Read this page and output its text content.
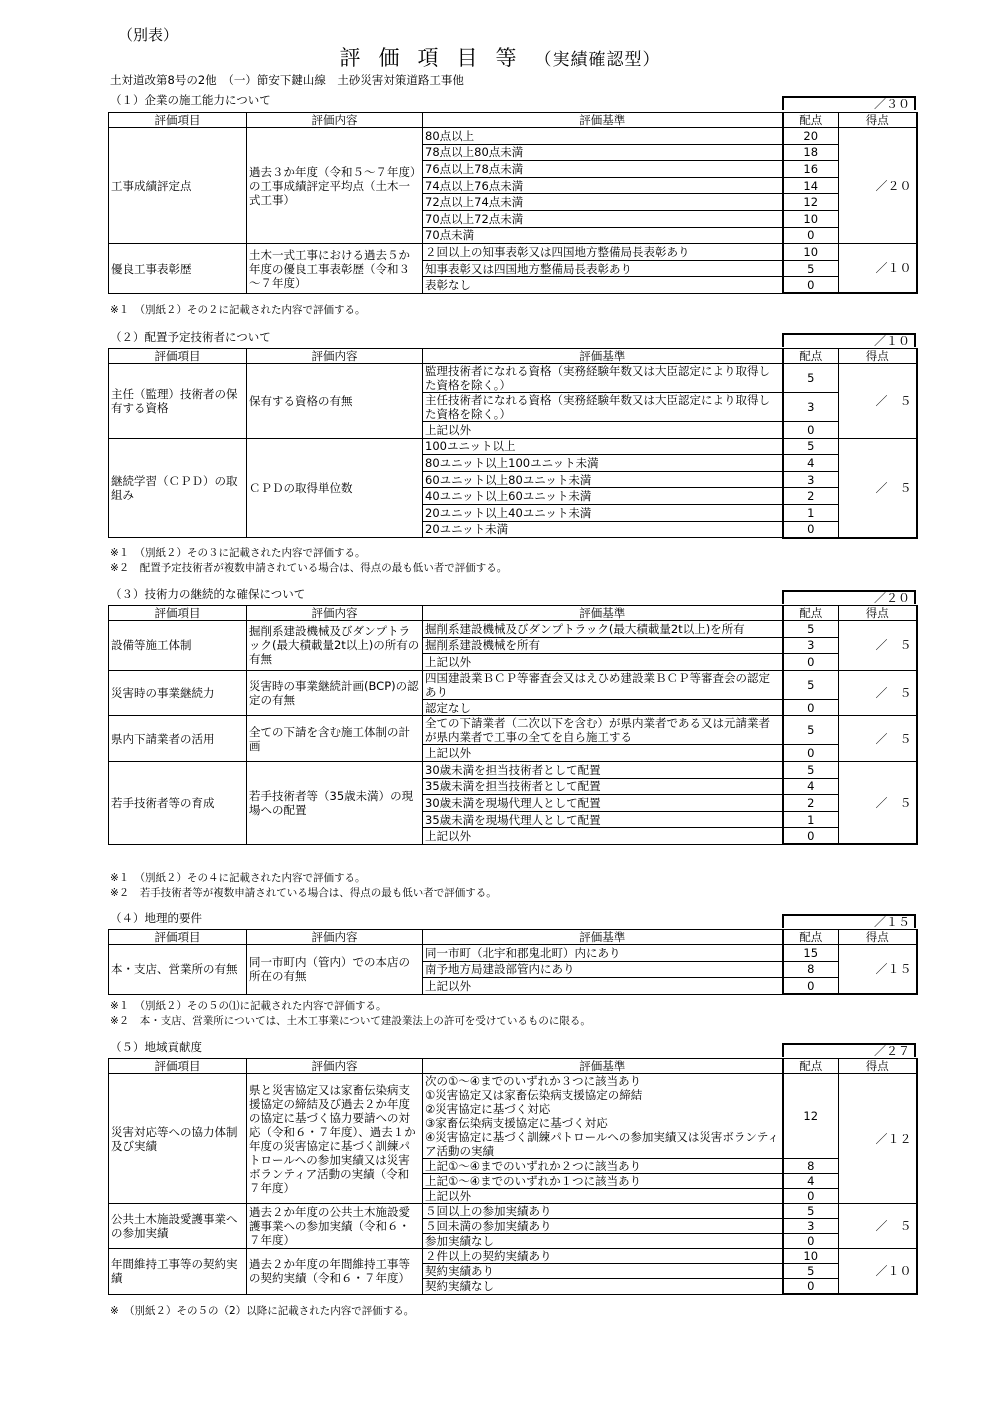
（別表）
評価項目等（実績確認型）
土対道改第8号の2他　（一）節安下鍵山線　土砂災害対策道路工事他
（１）企業の施工能力について	／３０
評価項目	評価内容	評価基準	配点	得点
工事成績評定点	過去３か年度（令和５～７年度）の工事成績評定平均点（土木一式工事）	80点以上	20	／２０
		78点以上80点未満	18	
		76点以上78点未満	16	
		74点以上76点未満	14	
		72点以上74点未満	12	
		70点以上72点未満	10	
		70点未満	0	
優良工事表彰歴	土木一式工事における過去５か年度の優良工事表彰歴（令和３～７年度）	２回以上の知事表彰又は四国地方整備局長表彰あり	10	／１０
		知事表彰又は四国地方整備局長表彰あり	5	
		表彰なし	0	
※１　（別紙２）その２に記載された内容で評価する。
（２）配置予定技術者について	／１０
評価項目	評価内容	評価基準	配点	得点
主任（監理）技術者の保有する資格	保有する資格の有無	監理技術者になれる資格（実務経験年数又は大臣認定により取得した資格を除く。）	5	／　５
		主任技術者になれる資格（実務経験年数又は大臣認定により取得した資格を除く。）	3	
		上記以外	0	
継続学習（ＣＰＤ）の取組み	ＣＰＤの取得単位数	100ユニット以上	5	／　５
		80ユニット以上100ユニット未満	4	
		60ユニット以上80ユニット未満	3	
		40ユニット以上60ユニット未満	2	
		20ユニット以上40ユニット未満	1	
		20ユニット未満	0	
※１　（別紙２）その３に記載された内容で評価する。
※２　配置予定技術者が複数申請されている場合は、得点の最も低い者で評価する。
（３）技術力の継続的な確保について	／２０
評価項目	評価内容	評価基準	配点	得点
設備等施工体制	掘削系建設機械及びダンプトラック(最大積載量2t以上)の所有の有無	掘削系建設機械及びダンプトラック(最大積載量2t以上)を所有	5	／　５
		掘削系建設機械を所有	3	
		上記以外	0	
災害時の事業継続力	災害時の事業継続計画(BCP)の認定の有無	四国建設業ＢＣＰ等審査会又はえひめ建設業ＢＣＰ等審査会の認定あり	5	／　５
		認定なし	0	
県内下請業者の活用	全ての下請を含む施工体制の計画	全ての下請業者（二次以下を含む）が県内業者である又は元請業者が県内業者で工事の全てを自ら施工する	5	／　５
		上記以外	0	
若手技術者等の育成	若手技術者等（35歳未満）の現場への配置	30歳未満を担当技術者として配置	5	／　５
		35歳未満を担当技術者として配置	4	
		30歳未満を現場代理人として配置	2	
		35歳未満を現場代理人として配置	1	
		上記以外	0	
※１　（別紙２）その４に記載された内容で評価する。
※２　若手技術者等が複数申請されている場合は、得点の最も低い者で評価する。
（４）地理的要件	／１５
評価項目	評価内容	評価基準	配点	得点
本・支店、営業所の有無	同一市町内（管内）での本店の所在の有無	同一市町（北宇和郡鬼北町）内にあり	15	／１５
		南予地方局建設部管内にあり	8	
		上記以外	0	
※１　（別紙２）その５の⑴に記載された内容で評価する。
※２　本・支店、営業所については、土木工事業について建設業法上の許可を受けているものに限る。
（５）地域貢献度	／２７
評価項目	評価内容	評価基準	配点	得点
災害対応等への協力体制及び実績	県と災害協定又は家畜伝染病支援協定の締結及び過去２か年度の協定に基づく協力要請への対応（令和６・７年度）、過去１か年度の災害協定に基づく訓練パトロールへの参加実績又は災害ボランティア活動の実績（令和７年度）	次の①～④までのいずれか３つに該当あり
①災害協定又は家畜伝染病支援協定の締結
②災害協定に基づく対応
③家畜伝染病支援協定に基づく対応
④災害協定に基づく訓練パトロールへの参加実績又は災害ボランティア活動の実績	12	／１２
		上記①～④までのいずれか２つに該当あり	8	
		上記①～④までのいずれか１つに該当あり	4	
		上記以外	0	
公共土木施設愛護事業への参加実績	過去２か年度の公共土木施設愛護事業への参加実績（令和６・７年度）	５回以上の参加実績あり	5	／　５
		５回未満の参加実績あり	3	
		参加実績なし	0	
年間維持工事等の契約実績	過去２か年度の年間維持工事等の契約実績（令和６・７年度）	２件以上の契約実績あり	10	／１０
		契約実績あり	5	
		契約実績なし	0	
※　（別紙２）その５の（2）以降に記載された内容で評価する。
